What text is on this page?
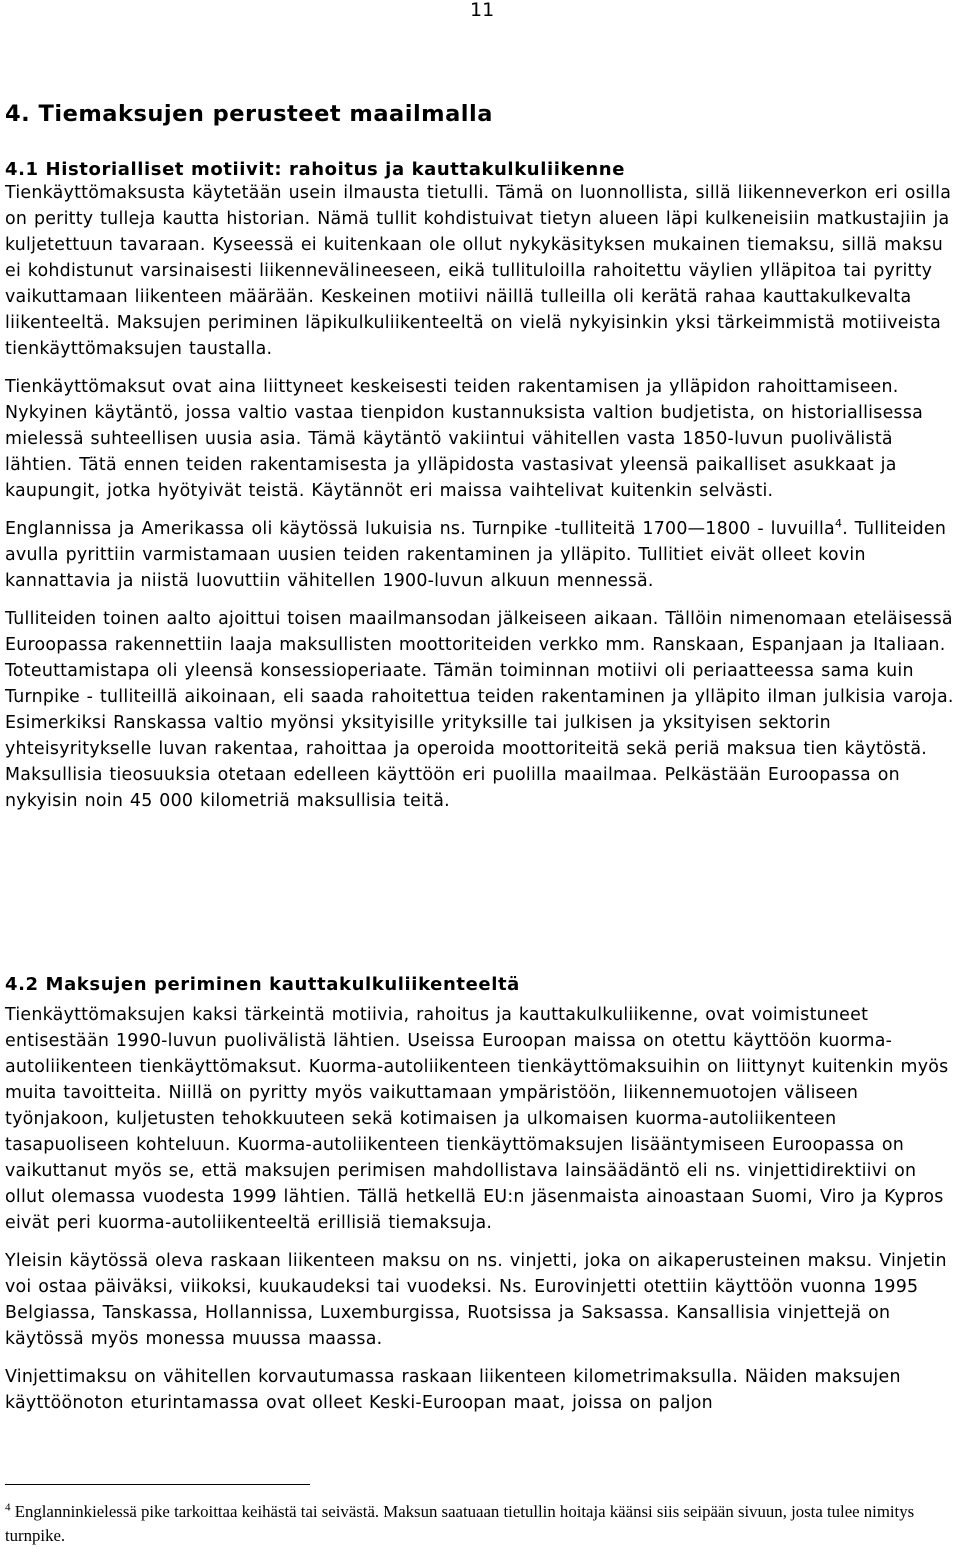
11
4. Tiemaksujen perusteet maailmalla
4.1 Historialliset motiivit: rahoitus ja kauttakulkuliikenne

Tienkäyttömaksusta käytetään usein ilmausta tietulli. Tämä on luonnollista, sillä liikenneverkon eri osilla on peritty tulleja kautta historian. Nämä tullit kohdistuivat tietyn alueen läpi kulkeneisiin matkustajiin ja kuljetettuun tavaraan. Kyseessä ei kuitenkaan ole ollut nykykäsityksen mukainen tiemaksu, sillä maksu ei kohdistunut varsinaisesti liikennevälineeseen, eikä tullituloilla rahoitettu väylien ylläpitoa tai pyritty vaikuttamaan liikenteen määrään. Keskeinen motiivi näillä tulleilla oli kerätä rahaa kauttakulkevalta liikenteeltä. Maksujen periminen läpikulkuliikenteeltä on vielä nykyisinkin yksi tärkeimmistä motiiveista tienkäyttömaksujen taustalla.

Tienkäyttömaksut ovat aina liittyneet keskeisesti teiden rakentamisen ja ylläpidon rahoittamiseen. Nykyinen käytäntö, jossa valtio vastaa tienpidon kustannuksista valtion budjetista, on historiallisessa mielessä suhteellisen uusia asia. Tämä käytäntö vakiintui vähitellen vasta 1850-luvun puolivälistä lähtien. Tätä ennen teiden rakentamisesta ja ylläpidosta vastasivat yleensä paikalliset asukkaat ja kaupungit, jotka hyötyivät teistä. Käytännöt eri maissa vaihtelivat kuitenkin selvästi.

Englannissa ja Amerikassa oli käytössä lukuisia ns. Turnpike -tulliteitä 1700—1800 - luvuilla$^4$. Tulliteiden avulla pyrittiin varmistamaan uusien teiden rakentaminen ja ylläpito. Tullitiet eivät olleet kovin kannattavia ja niistä luovuttiin vähitellen 1900-luvun alkuun mennessä.

Tulliteiden toinen aalto ajoittui toisen maailmansodan jälkeiseen aikaan. Tällöin nimenomaan eteläisessä Euroopassa rakennettiin laaja maksullisten moottoriteiden verkko mm. Ranskaan, Espanjaan ja Italiaan. Toteuttamistapa oli yleensä konsessioperiaate. Tämän toiminnan motiivi oli periaatteessa sama kuin Turnpike - tulliteillä aikoinaan, eli saada rahoitettua teiden rakentaminen ja ylläpito ilman julkisia varoja. Esimerkiksi Ranskassa valtio myönsi yksityisille yrityksille tai julkisen ja yksityisen sektorin yhteisyritykselle luvan rakentaa, rahoittaa ja operoida moottoriteitä sekä periä maksua tien käytöstä. Maksullisia tieosuuksia otetaan edelleen käyttöön eri puolilla maailmaa. Pelkästään Euroopassa on nykyisin noin 45 000 kilometriä maksullisia teitä.

4.2 Maksujen periminen kauttakulkuliikenteeltä

Tienkäyttömaksujen kaksi tärkeintä motiivia, rahoitus ja kauttakulkuliikenne, ovat voimistuneet entisestään 1990-luvun puolivälistä lähtien. Useissa Euroopan maissa on otettu käyttöön kuorma-autoliikenteen tienkäyttömaksut. Kuorma-autoliikenteen tienkäyttömaksuihin on liittynyt kuitenkin myös muita tavoitteita. Niillä on pyritty myös vaikuttamaan ympäristöön, liikennemuotojen väliseen työnjakoon, kuljetusten tehokkuuteen sekä kotimaisen ja ulkomaisen kuorma-autoliikenteen tasapuoliseen kohteluun. Kuorma-autoliikenteen tienkäyttömaksujen lisääntymiseen Euroopassa on vaikuttanut myös se, että maksujen perimisen mahdollistava lainsäädäntö eli ns. vinjettidirektiivi on ollut olemassa vuodesta 1999 lähtien. Tällä hetkellä EU:n jäsenmaista ainoastaan Suomi, Viro ja Kypros eivät peri kuorma-autoliikenteeltä erillisiä tiemaksuja.

Yleisin käytössä oleva raskaan liikenteen maksu on ns. vinjetti, joka on aikaperusteinen maksu. Vinjetin voi ostaa päiväksi, viikoksi, kuukaudeksi tai vuodeksi. Ns. Eurovinjetti otettiin käyttöön vuonna 1995 Belgiassa, Tanskassa, Hollannissa, Luxemburgissa, Ruotsissa ja Saksassa. Kansallisia vinjettejä on käytössä myös monessa muussa maassa.

Vinjettimaksu on vähitellen korvautumassa raskaan liikenteen kilometrimaksulla. Näiden maksujen käyttöönoton eturintamassa ovat olleet Keski-Euroopan maat, joissa on paljon

$^4$ Englanninkielessä pike tarkoittaa keihästä tai seivästä. Maksun saatuaan tietullin hoitaja käänsi siis seipään sivuun, josta tulee nimitys turnpike.
